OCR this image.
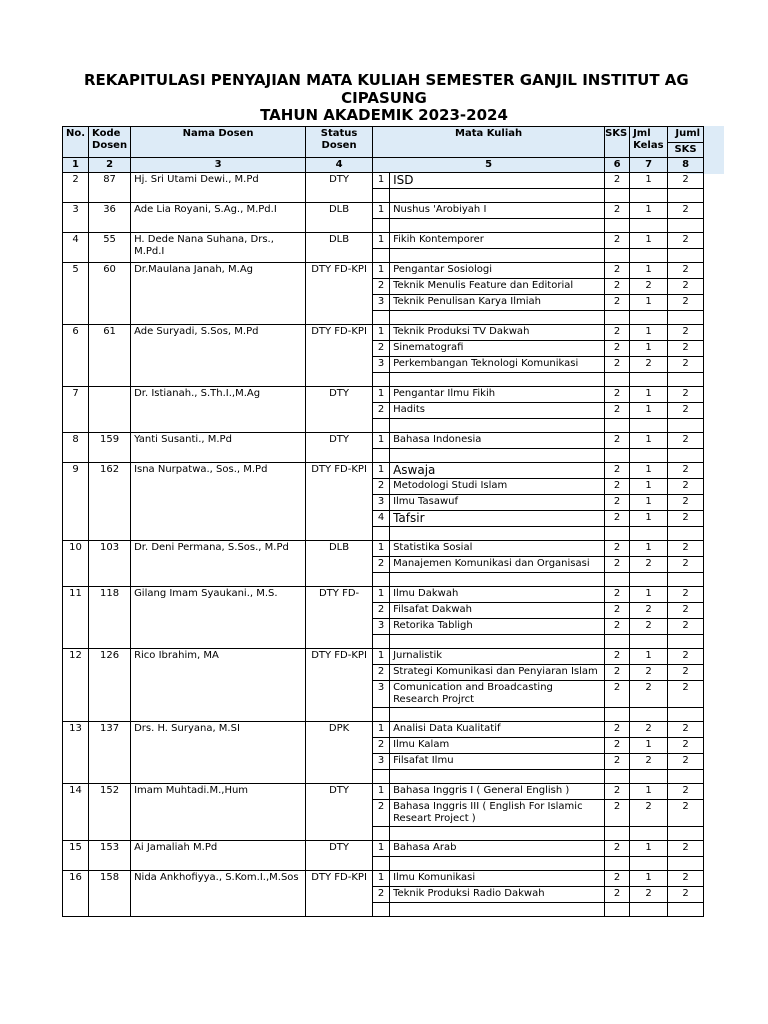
REKAPITULASI PENYAJIAN MATA KULIAH SEMESTER GANJIL INSTITUT AG
CIPASUNG
TAHUN AKADEMIK 2023-2024
No.	Kode Dosen	Nama Dosen	Status Dosen	Mata Kuliah		SKS	Jml Kelas	Juml
								SKS
1	2	3	4	5		6	7	8
2	87	Hj. Sri Utami Dewi., M.Pd	DTY	1	ISD	2	1	2

3	36	Ade Lia Royani, S.Ag., M.Pd.I	DLB	1	Nushus 'Arobiyah I	2	1	2

4	55	H. Dede Nana Suhana, Drs., M.Pd.I	DLB	1	Fikih Kontemporer	2	1	2

5	60	Dr.Maulana Janah, M.Ag	DTY FD-KPI	1	Pengantar Sosiologi	2	1	2
				2	Teknik Menulis Feature dan Editorial	2	2	2
				3	Teknik Penulisan Karya Ilmiah	2	1	2

6	61	Ade Suryadi, S.Sos, M.Pd	DTY FD-KPI	1	Teknik Produksi TV Dakwah	2	1	2
				2	Sinematografi	2	1	2
				3	Perkembangan Teknologi Komunikasi	2	2	2

7		Dr. Istianah., S.Th.I.,M.Ag	DTY	1	Pengantar Ilmu Fikih	2	1	2
				2	Hadits	2	1	2

8	159	Yanti Susanti., M.Pd	DTY	1	Bahasa Indonesia	2	1	2

9	162	Isna Nurpatwa., Sos., M.Pd	DTY FD-KPI	1	Aswaja	2	1	2
				2	Metodologi Studi Islam	2	1	2
				3	Ilmu Tasawuf	2	1	2
				4	Tafsir	2	1	2

10	103	Dr. Deni Permana, S.Sos., M.Pd	DLB	1	Statistika Sosial	2	1	2
				2	Manajemen Komunikasi dan Organisasi	2	2	2

11	118	Gilang Imam Syaukani., M.S.	DTY FD-	1	Ilmu Dakwah	2	1	2
				2	Filsafat Dakwah	2	2	2
				3	Retorika Tabligh	2	2	2

12	126	Rico Ibrahim, MA	DTY FD-KPI	1	Jurnalistik	2	1	2
				2	Strategi Komunikasi dan Penyiaran Islam	2	2	2
				3	Comunication and Broadcasting Research Projrct	2	2	2

13	137	Drs. H. Suryana, M.SI	DPK	1	Analisi Data Kualitatif	2	2	2
				2	Ilmu Kalam	2	1	2
				3	Filsafat Ilmu	2	2	2

14	152	Imam Muhtadi.M.,Hum	DTY	1	Bahasa Inggris I ( General English )	2	1	2
				2	Bahasa Inggris III ( English For Islamic Researt Project )	2	2	2

15	153	Ai Jamaliah M.Pd	DTY	1	Bahasa Arab	2	1	2

16	158	Nida Ankhofiyya., S.Kom.I.,M.Sos	DTY FD-KPI	1	Ilmu Komunikasi	2	1	2
				2	Teknik Produksi Radio Dakwah	2	2	2
